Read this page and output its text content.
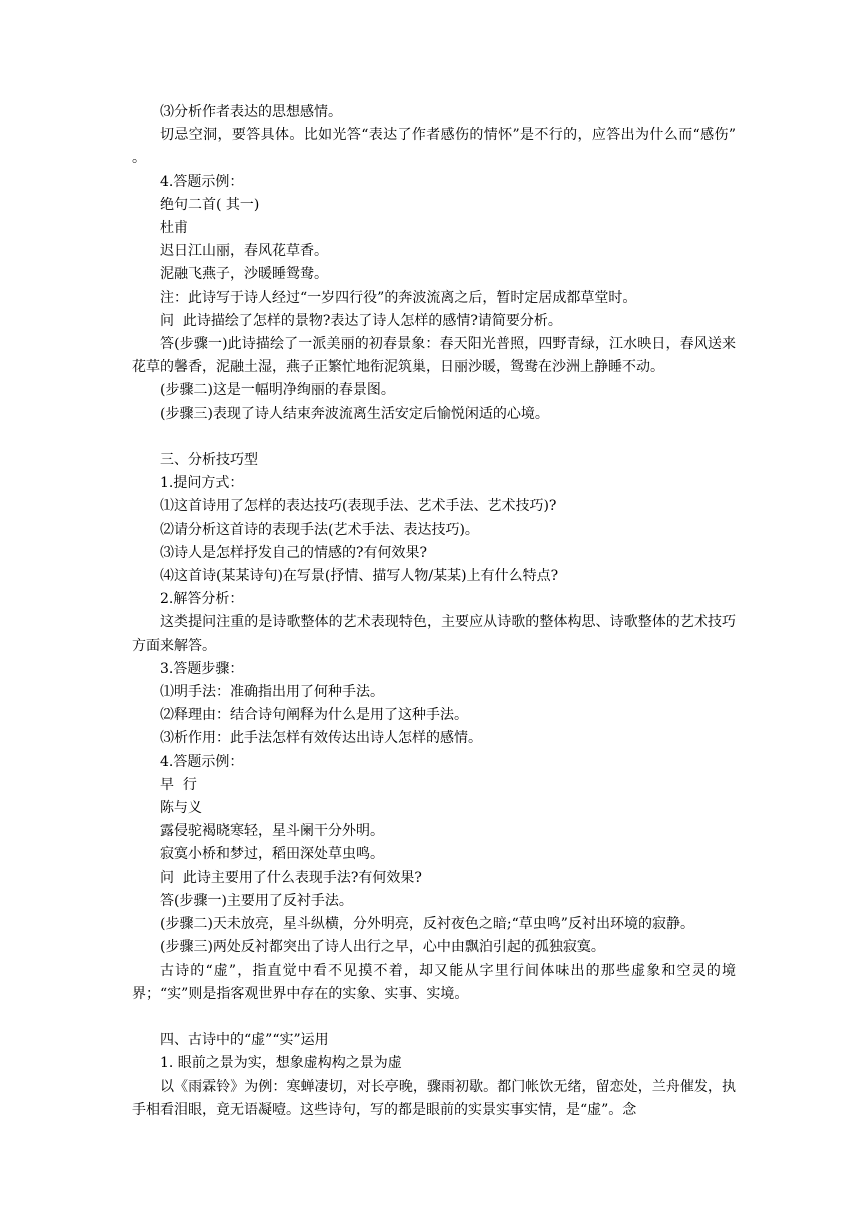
⑶分析作者表达的思想感情。
切忌空洞，要答具体。比如光答“表达了作者感伤的情怀”是不行的，应答出为什么而“感伤” 。
4.答题示例：
绝句二首( 其一)
杜甫
迟日江山丽，春风花草香。
泥融飞燕子，沙暖睡鸳鸯。
注：此诗写于诗人经过“一岁四行役”的奔波流离之后，暂时定居成都草堂时。
问  此诗描绘了怎样的景物?表达了诗人怎样的感情?请简要分析。
答(步骤一)此诗描绘了一派美丽的初春景象：春天阳光普照，四野青绿，江水映日，春风送来花草的馨香，泥融土湿，燕子正繁忙地衔泥筑巢，日丽沙暖，鸳鸯在沙洲上静睡不动。
(步骤二)这是一幅明净绚丽的春景图。
(步骤三)表现了诗人结束奔波流离生活安定后愉悦闲适的心境。
三、分析技巧型
1.提问方式：
⑴这首诗用了怎样的表达技巧(表现手法、艺术手法、艺术技巧)?
⑵请分析这首诗的表现手法(艺术手法、表达技巧)。
⑶诗人是怎样抒发自己的情感的?有何效果?
⑷这首诗(某某诗句)在写景(抒情、描写人物/某某)上有什么特点?
2.解答分析：
这类提问注重的是诗歌整体的艺术表现特色，主要应从诗歌的整体构思、诗歌整体的艺术技巧方面来解答。
3.答题步骤：
⑴明手法：准确指出用了何种手法。
⑵释理由：结合诗句阐释为什么是用了这种手法。
⑶析作用：此手法怎样有效传达出诗人怎样的感情。
4.答题示例：
早  行
陈与义
露侵驼褐晓寒轻，星斗阑干分外明。
寂寞小桥和梦过，稻田深处草虫鸣。
问  此诗主要用了什么表现手法?有何效果?
答(步骤一)主要用了反衬手法。
(步骤二)天未放亮，星斗纵横，分外明亮，反衬夜色之暗;“草虫鸣”反衬出环境的寂静。
(步骤三)两处反衬都突出了诗人出行之早，心中由飘泊引起的孤独寂寞。
古诗的“虚”，指直觉中看不见摸不着，却又能从字里行间体味出的那些虚象和空灵的境界；“实”则是指客观世界中存在的实象、实事、实境。
四、古诗中的“虚”“实”运用
1. 眼前之景为实，想象虚构构之景为虚
以《雨霖铃》为例：寒蝉凄切，对长亭晚，骤雨初歇。都门帐饮无绪，留恋处，兰舟催发，执手相看泪眼，竟无语凝噎。这些诗句，写的都是眼前的实景实事实情，是“虚”。念
